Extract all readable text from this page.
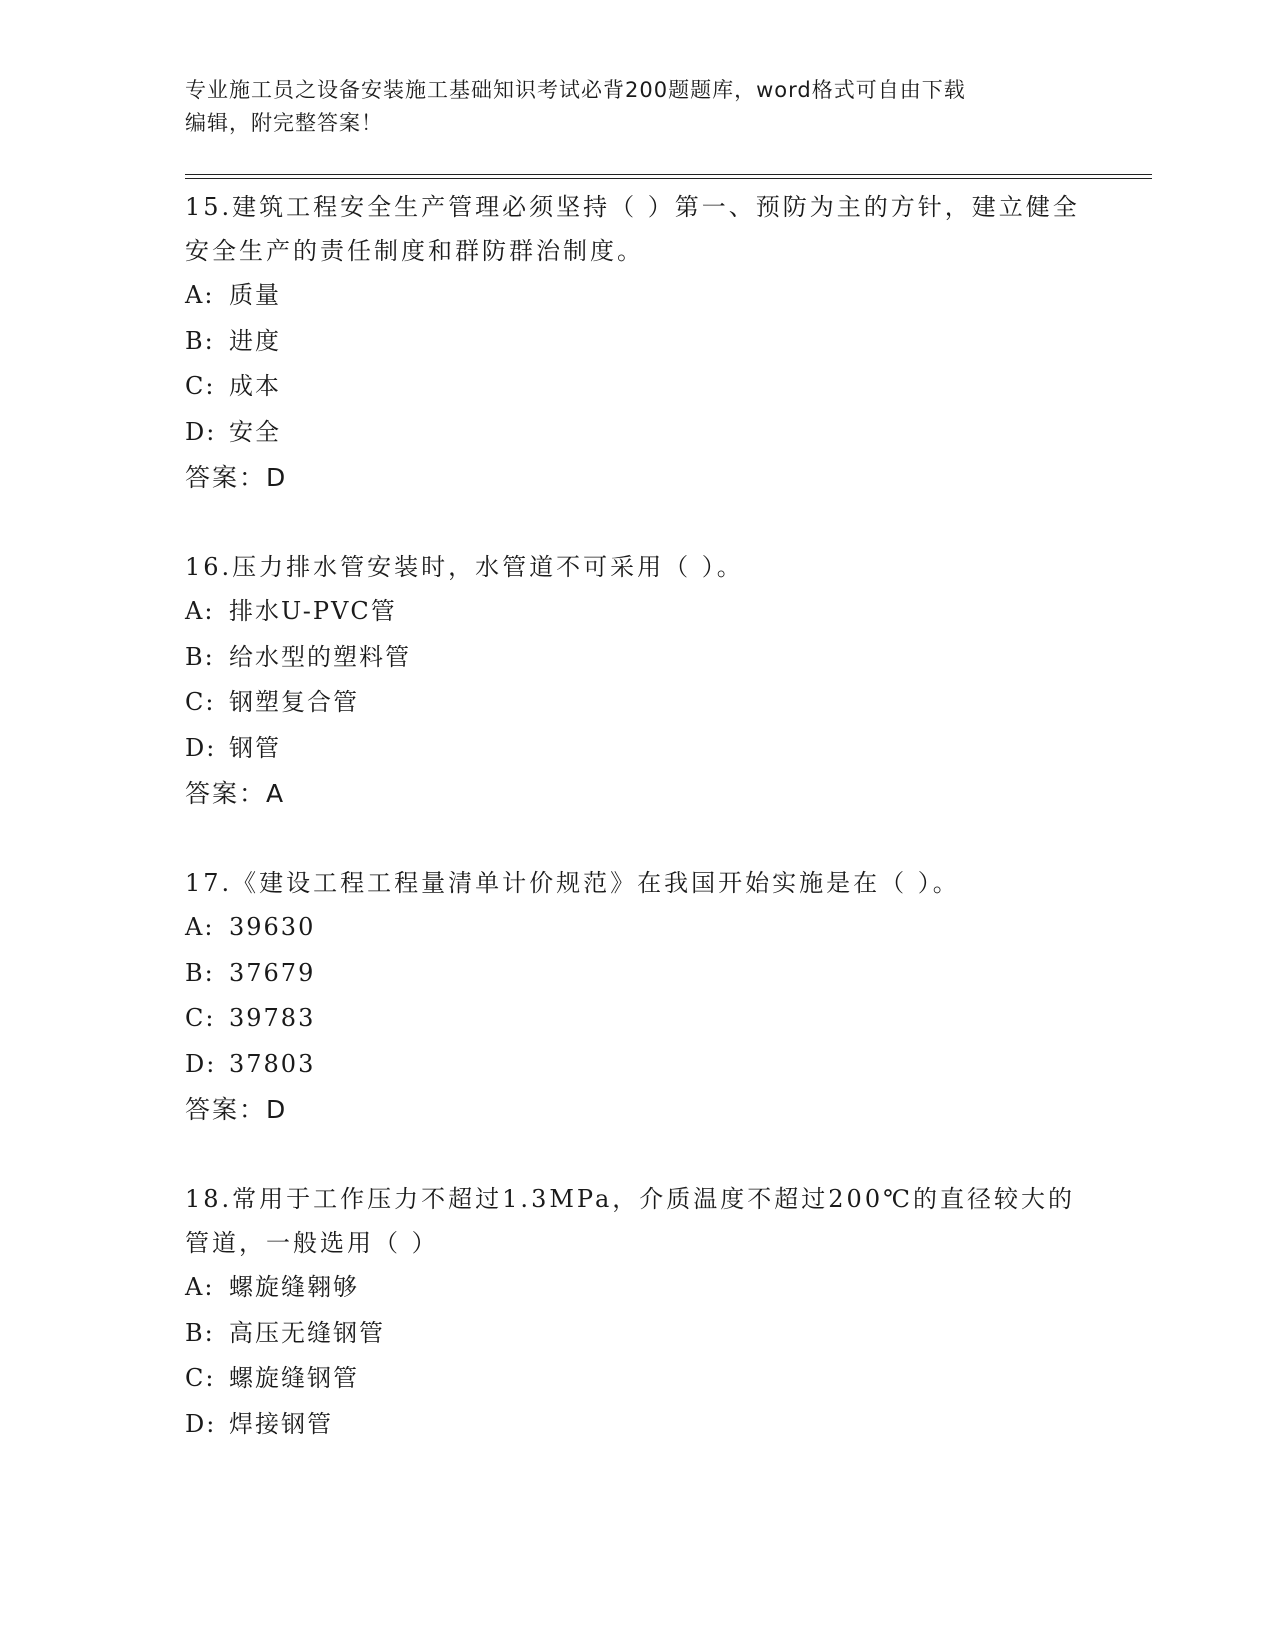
专业施工员之设备安装施工基础知识考试必背200题题库，word格式可自由下载
编辑，附完整答案！
15.建筑工程安全生产管理必须坚持（ ）第一、预防为主的方针，建立健全安全生产的责任制度和群防群治制度。
A: 质量
B: 进度
C: 成本
D: 安全
答案：D
16.压力排水管安装时，水管道不可采用（ ）。
A: 排水U-PVC管
B: 给水型的塑料管
C: 钢塑复合管
D: 钢管
答案：A
17.《建设工程工程量清单计价规范》在我国开始实施是在（ ）。
A: 39630
B: 37679
C: 39783
D: 37803
答案：D
18.常用于工作压力不超过1.3MPa，介质温度不超过200℃的直径较大的管道，一般选用（ ）
A: 螺旋缝翱够
B: 高压无缝钢管
C: 螺旋缝钢管
D: 焊接钢管
